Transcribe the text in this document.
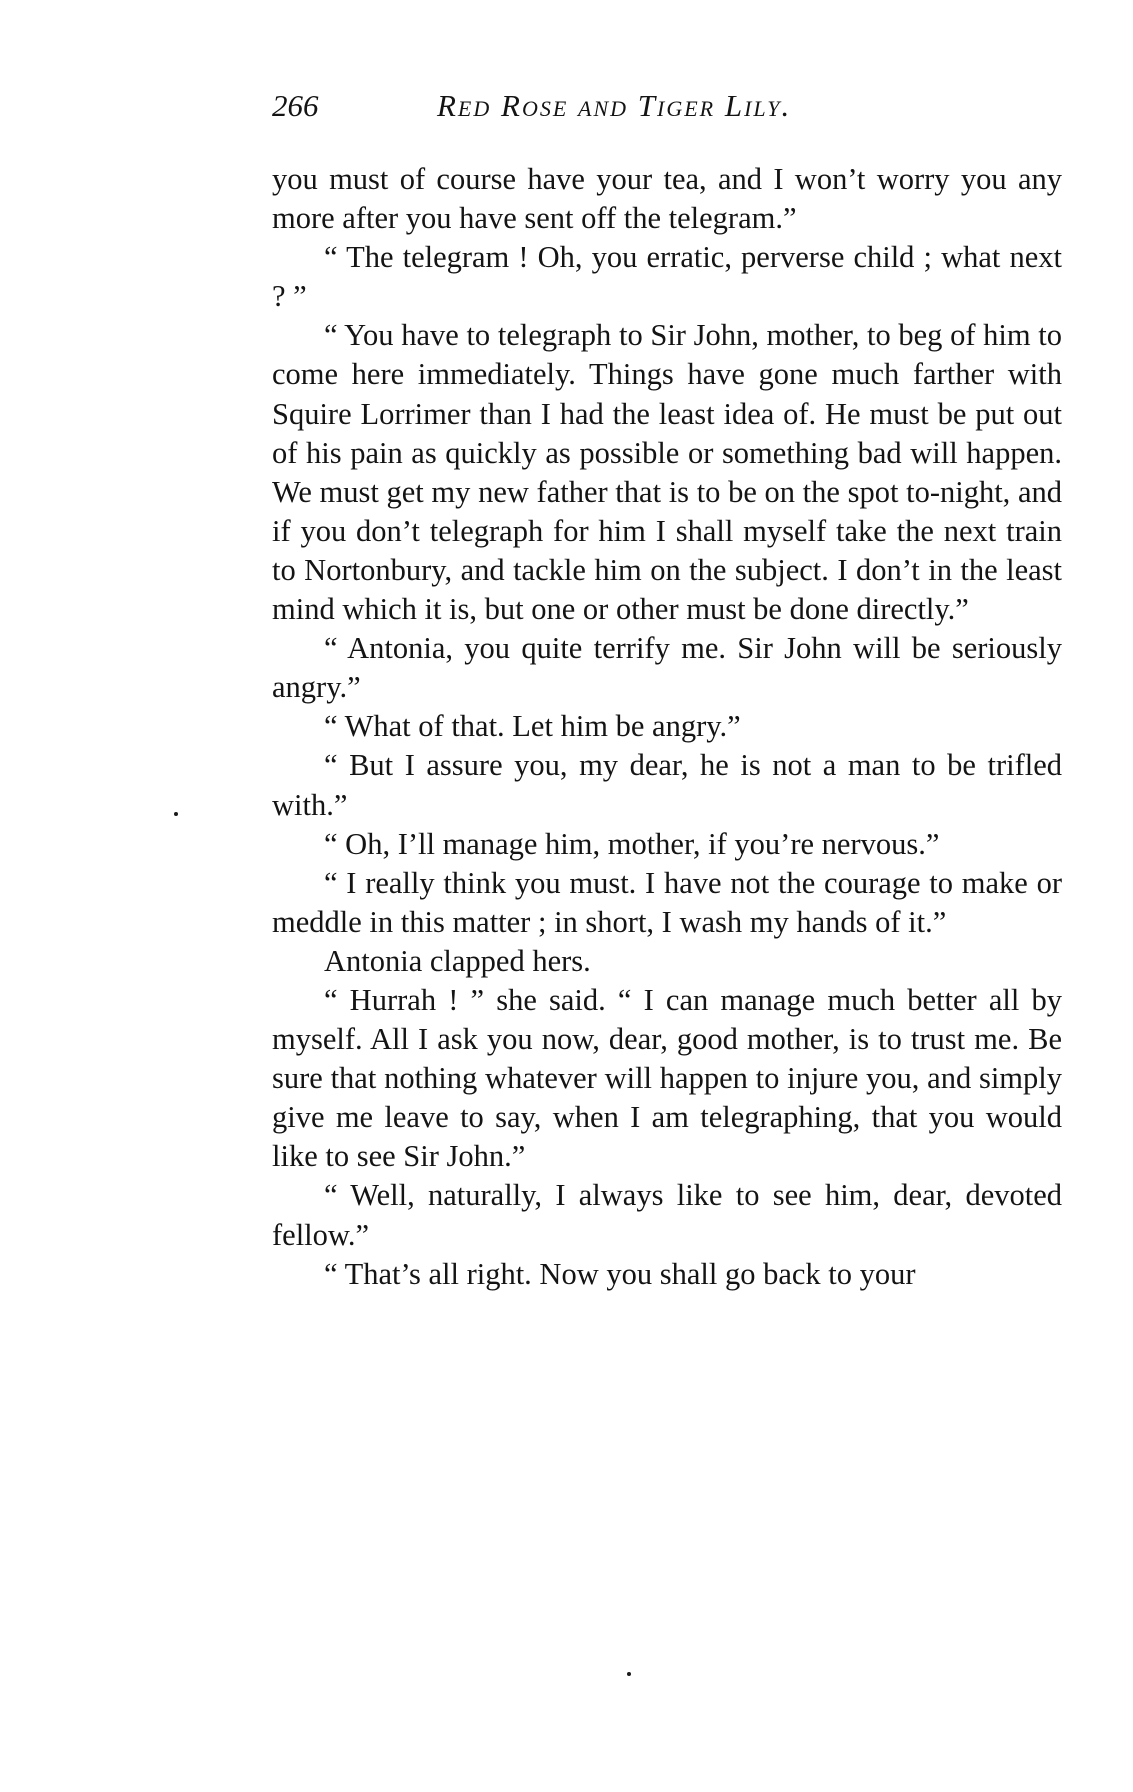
266	Red Rose and Tiger Lily.

you must of course have your tea, and I won’t worry you any more after you have sent off the telegram.”

“ The telegram ! Oh, you erratic, perverse child ; what next ? ”

“ You have to telegraph to Sir John, mother, to beg of him to come here immediately. Things have gone much farther with Squire Lorrimer than I had the least idea of. He must be put out of his pain as quickly as possible or something bad will happen. We must get my new father that is to be on the spot to-night, and if you don’t telegraph for him I shall myself take the next train to Nortonbury, and tackle him on the subject. I don’t in the least mind which it is, but one or other must be done directly.”

“ Antonia, you quite terrify me. Sir John will be seriously angry.”

“ What of that. Let him be angry.”

“ But I assure you, my dear, he is not a man to be trifled with.”

“ Oh, I’ll manage him, mother, if you’re nervous.”

“ I really think you must. I have not the courage to make or meddle in this matter ; in short, I wash my hands of it.”

Antonia clapped hers.

“ Hurrah ! ” she said. “ I can manage much better all by myself. All I ask you now, dear, good mother, is to trust me. Be sure that nothing whatever will happen to injure you, and simply give me leave to say, when I am telegraphing, that you would like to see Sir John.”

“ Well, naturally, I always like to see him, dear, devoted fellow.”

“ That’s all right. Now you shall go back to your
